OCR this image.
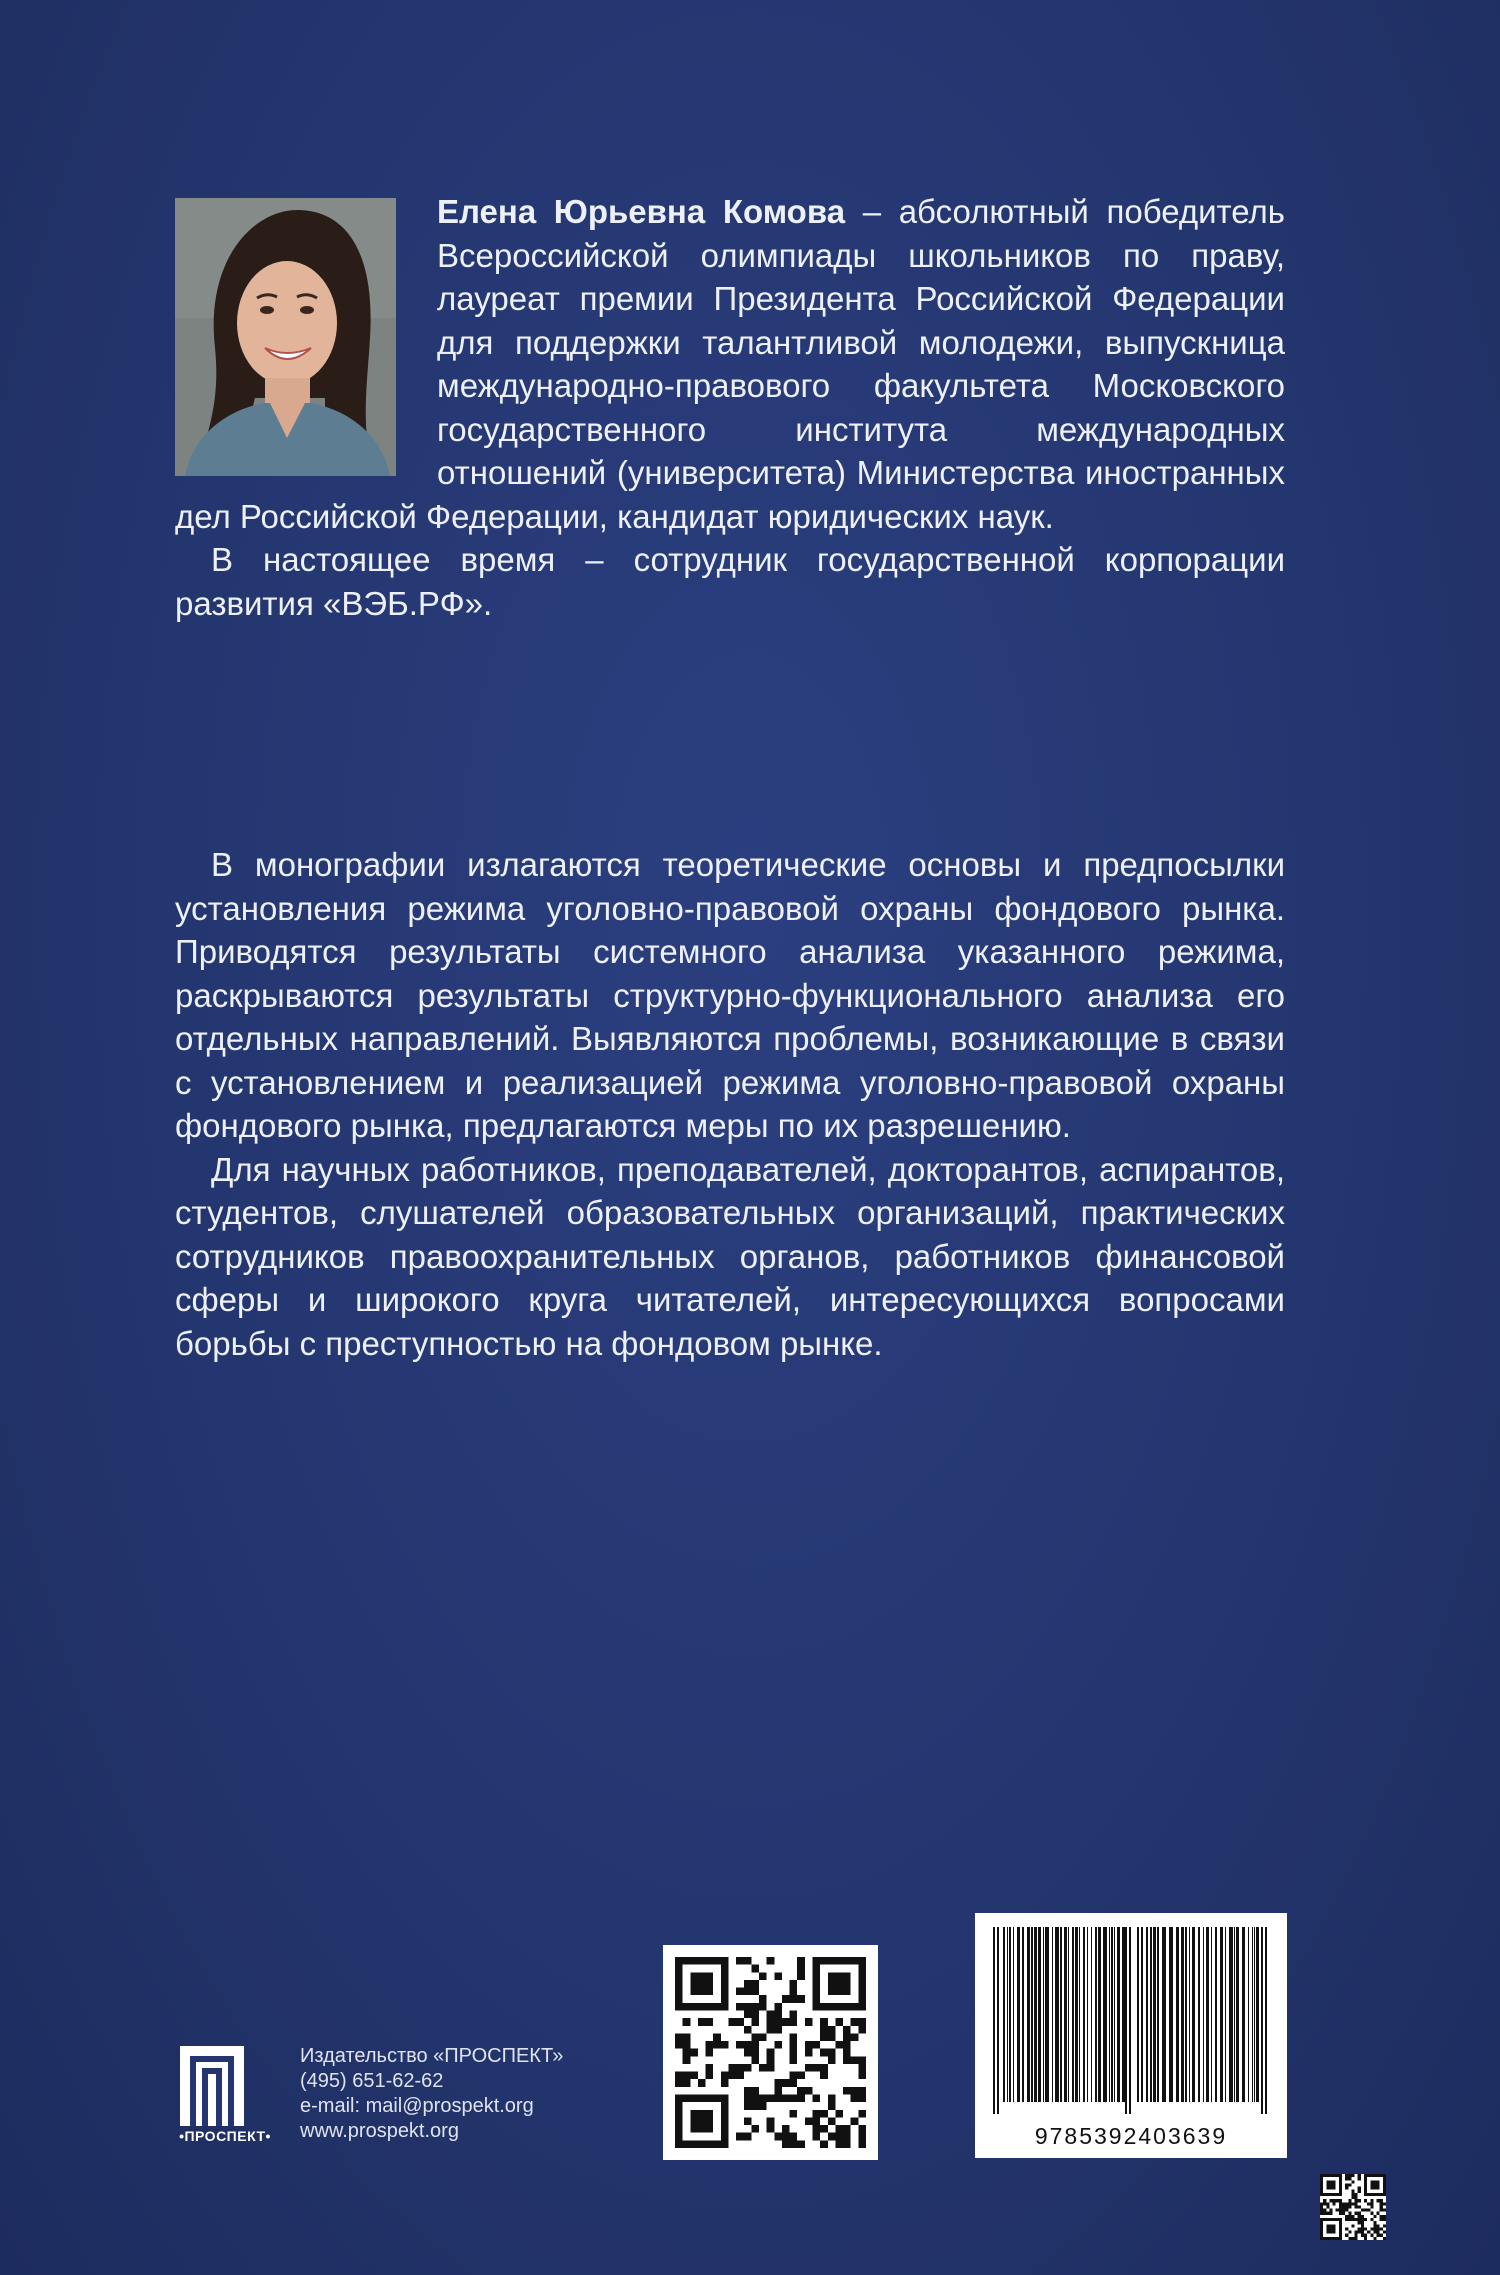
Елена Юрьевна Комова – абсолютный победитель Всероссийской олимпиады школьников по праву, лауреат премии Президента Российской Федерации для поддержки талантливой молодежи, выпускница международно-правового факультета Московского государственного института международных отношений (университета) Министерства иностранных дел Российской Федерации, кандидат юридических наук.

В настоящее время – сотрудник государственной корпорации развития «ВЭБ.РФ».

В монографии излагаются теоретические основы и предпосылки установления режима уголовно-правовой охраны фондового рынка. Приводятся результаты системного анализа указанного режима, раскрываются результаты структурно-функционального анализа его отдельных направлений. Выявляются проблемы, возникающие в связи с установлением и реализацией режима уголовно-правовой охраны фондового рынка, предлагаются меры по их разрешению.

Для научных работников, преподавателей, докторантов, аспирантов, студентов, слушателей образовательных организаций, практических сотрудников правоохранительных органов, работников финансовой сферы и широкого круга читателей, интересующихся вопросами борьбы с преступностью на фондовом рынке.

•ПРОСПЕКТ•
Издательство «ПРОСПЕКТ»
(495) 651-62-62
e-mail: mail@prospekt.org
www.prospekt.org	9785392403639
